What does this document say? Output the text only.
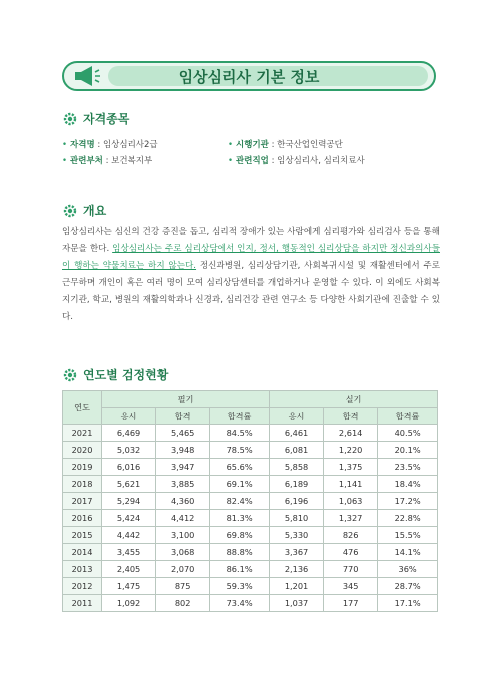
임상심리사 기본 정보
자격종목
• 자격명 : 임상심리사2급	• 시행기관 : 한국산업인력공단
• 관련부처 : 보건복지부	• 관련직업 : 임상심리사, 심리치료사
개요
임상심리사는 심신의 건강 증진을 돕고, 심리적 장애가 있는 사람에게 심리평가와 심리검사 등을 통해 자문을 한다. 임상심리사는 주로 심리상담에서 인지, 정서, 행동적인 심리상담을 하지만 정신과의사들이 행하는 약물치료는 하지 않는다. 정신과병원, 심리상담기관, 사회복귀시설 및 재활센터에서 주로 근무하며 개인이 혹은 여러 명이 모여 심리상담센터를 개업하거나 운영할 수 있다. 이 외에도 사회복지기관, 학교, 병원의 재활의학과나 신경과, 심리건강 관련 연구소 등 다양한 사회기관에 진출할 수 있다.
연도별 검정현황
연도	필기			실기		
	응시	합격	합격률	응시	합격	합격률
2021	6,469	5,465	84.5%	6,461	2,614	40.5%
2020	5,032	3,948	78.5%	6,081	1,220	20.1%
2019	6,016	3,947	65.6%	5,858	1,375	23.5%
2018	5,621	3,885	69.1%	6,189	1,141	18.4%
2017	5,294	4,360	82.4%	6,196	1,063	17.2%
2016	5,424	4,412	81.3%	5,810	1,327	22.8%
2015	4,442	3,100	69.8%	5,330	826	15.5%
2014	3,455	3,068	88.8%	3,367	476	14.1%
2013	2,405	2,070	86.1%	2,136	770	36%
2012	1,475	875	59.3%	1,201	345	28.7%
2011	1,092	802	73.4%	1,037	177	17.1%
